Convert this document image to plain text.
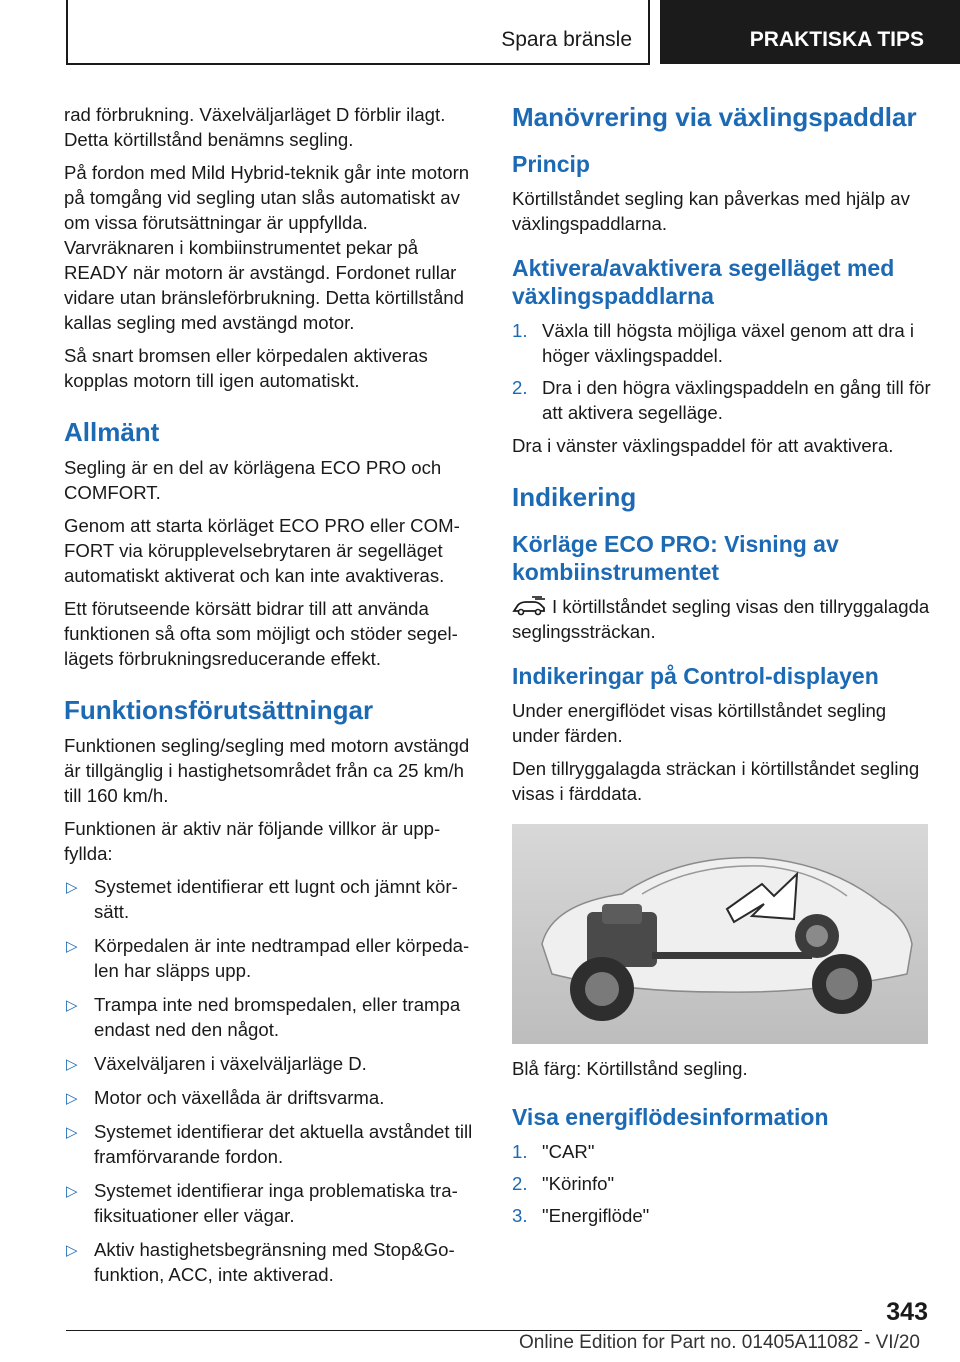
Spara bränsle	PRAKTISKA TIPS

rad förbrukning. Växelväljarläget D förblir ilagt. Detta körtillstånd benämns segling.

På fordon med Mild Hybrid-teknik går inte motorn på tomgång vid segling utan slås automatiskt av om vissa förutsättningar är uppfyllda. Varvräknaren i kombiinstrumentet pekar på READY när motorn är avstängd. Fordonet rullar vidare utan bränsleförbrukning. Detta körtillstånd kallas segling med avstängd motor.

Så snart bromsen eller körpedalen aktiveras kopplas motorn till igen automatiskt.

Allmänt

Segling är en del av körlägena ECO PRO och COMFORT.

Genom att starta körläget ECO PRO eller COMFORT via körupplevelsebrytaren är segelläget automatiskt aktiverat och kan inte avaktiveras.

Ett förutseende körsätt bidrar till att använda funktionen så ofta som möjligt och stöder segellägets förbrukningsreducerande effekt.

Funktionsförutsättningar

Funktionen segling/segling med motorn avstängd är tillgänglig i hastighetsområdet från ca 25 km/h till 160 km/h.

Funktionen är aktiv när följande villkor är uppfyllda:

▷ Systemet identifierar ett lugnt och jämnt körsätt.
▷ Körpedalen är inte nedtrampad eller körpedalen har släpps upp.
▷ Trampa inte ned bromspedalen, eller trampa endast ned den något.
▷ Växelväljaren i växelväljarläge D.
▷ Motor och växellåda är driftsvarma.
▷ Systemet identifierar det aktuella avståndet till framförvarande fordon.
▷ Systemet identifierar inga problematiska trafiksituationer eller vägar.
▷ Aktiv hastighetsbegränsning med Stop&Go-funktion, ACC, inte aktiverad.
Manövrering via växlingspaddlar
Princip

Körtillståndet segling kan påverkas med hjälp av växlingspaddlarna.

Aktivera/avaktivera segelläget med växlingspaddlarna
1. Växla till högsta möjliga växel genom att dra i höger växlingspaddel.
2. Dra i den högra växlingspaddeln en gång till för att aktivera segelläge.

Dra i vänster växlingspaddel för att avaktivera.

Indikering
Körläge ECO PRO: Visning av kombiinstrumentet

I körtillståndet segling visas den tillryggalagda seglingssträckan.

Indikeringar på Control-displayen

Under energiflödet visas körtillståndet segling under färden.

Den tillryggalagda sträckan i körtillståndet segling visas i färddata.

Blå färg: Körtillstånd segling.

Visa energiflödesinformation
1. "CAR"
2. "Körinfo"
3. "Energiflöde"
343
Online Edition for Part no. 01405A11082 - VI/20
